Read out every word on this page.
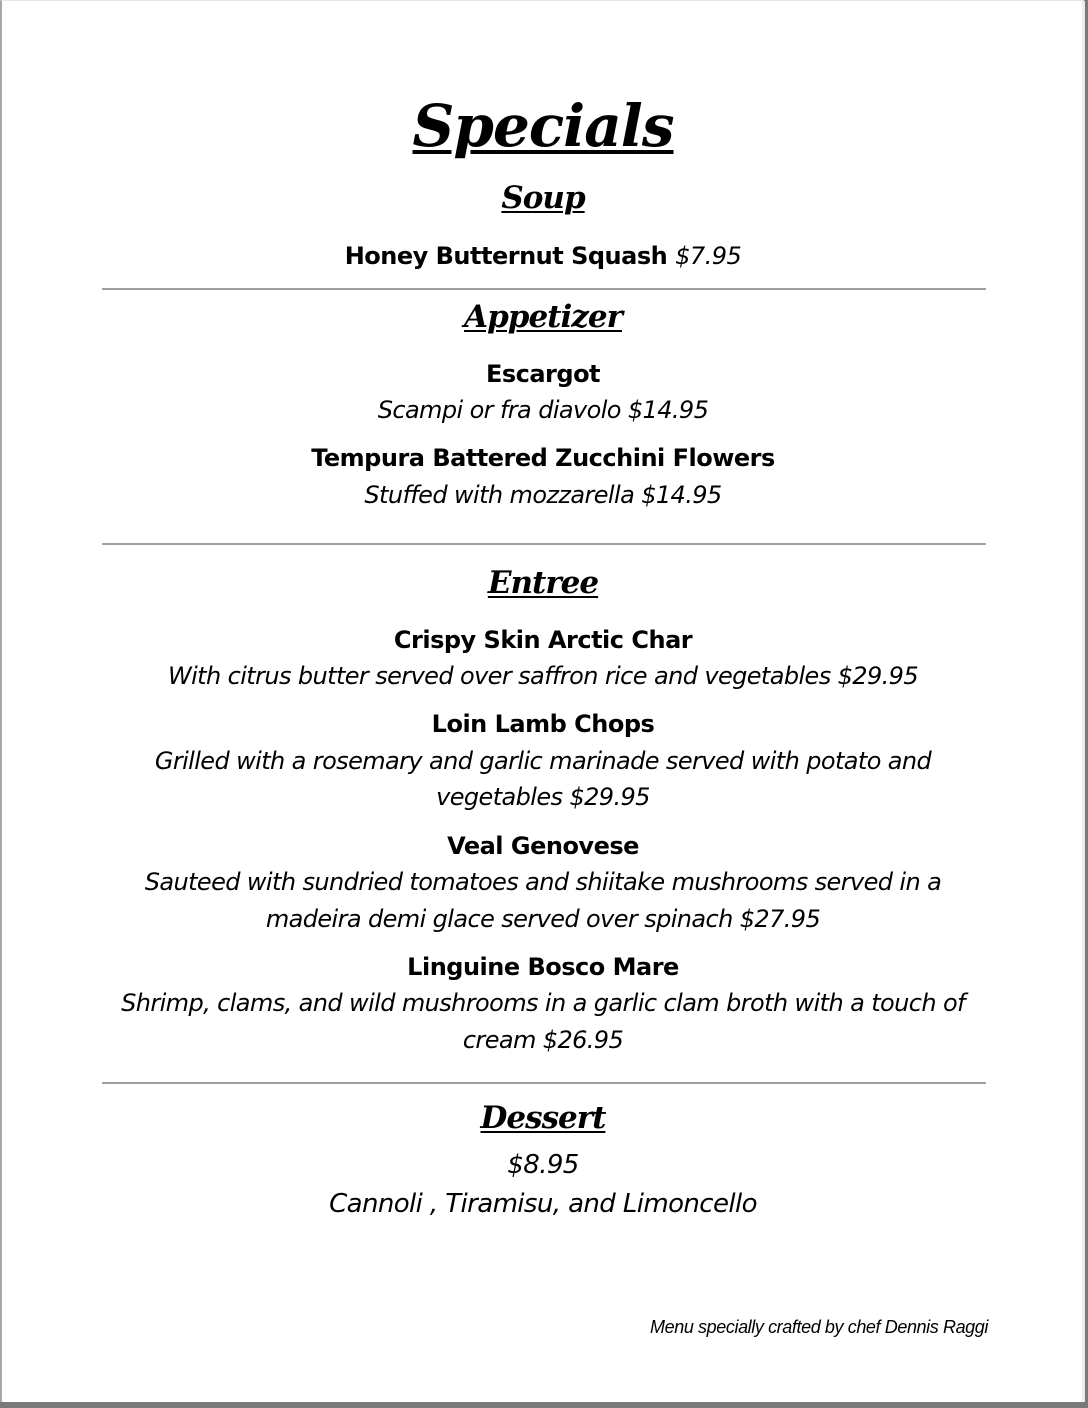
Specials
Soup
Honey Butternut Squash $7.95
Appetizer
Escargot
Scampi or fra diavolo $14.95
Tempura Battered Zucchini Flowers
Stuffed with mozzarella $14.95
Entree
Crispy Skin Arctic Char
With citrus butter served over saffron rice and vegetables $29.95
Loin Lamb Chops
Grilled with a rosemary and garlic marinade served with potato and
vegetables $29.95
Veal Genovese
Sauteed with sundried tomatoes and shiitake mushrooms served in a
madeira demi glace served over spinach $27.95
Linguine Bosco Mare
Shrimp, clams, and wild mushrooms in a garlic clam broth with a touch of
cream $26.95
Dessert
$8.95
Cannoli , Tiramisu, and Limoncello
Menu specially crafted by chef Dennis Raggi
